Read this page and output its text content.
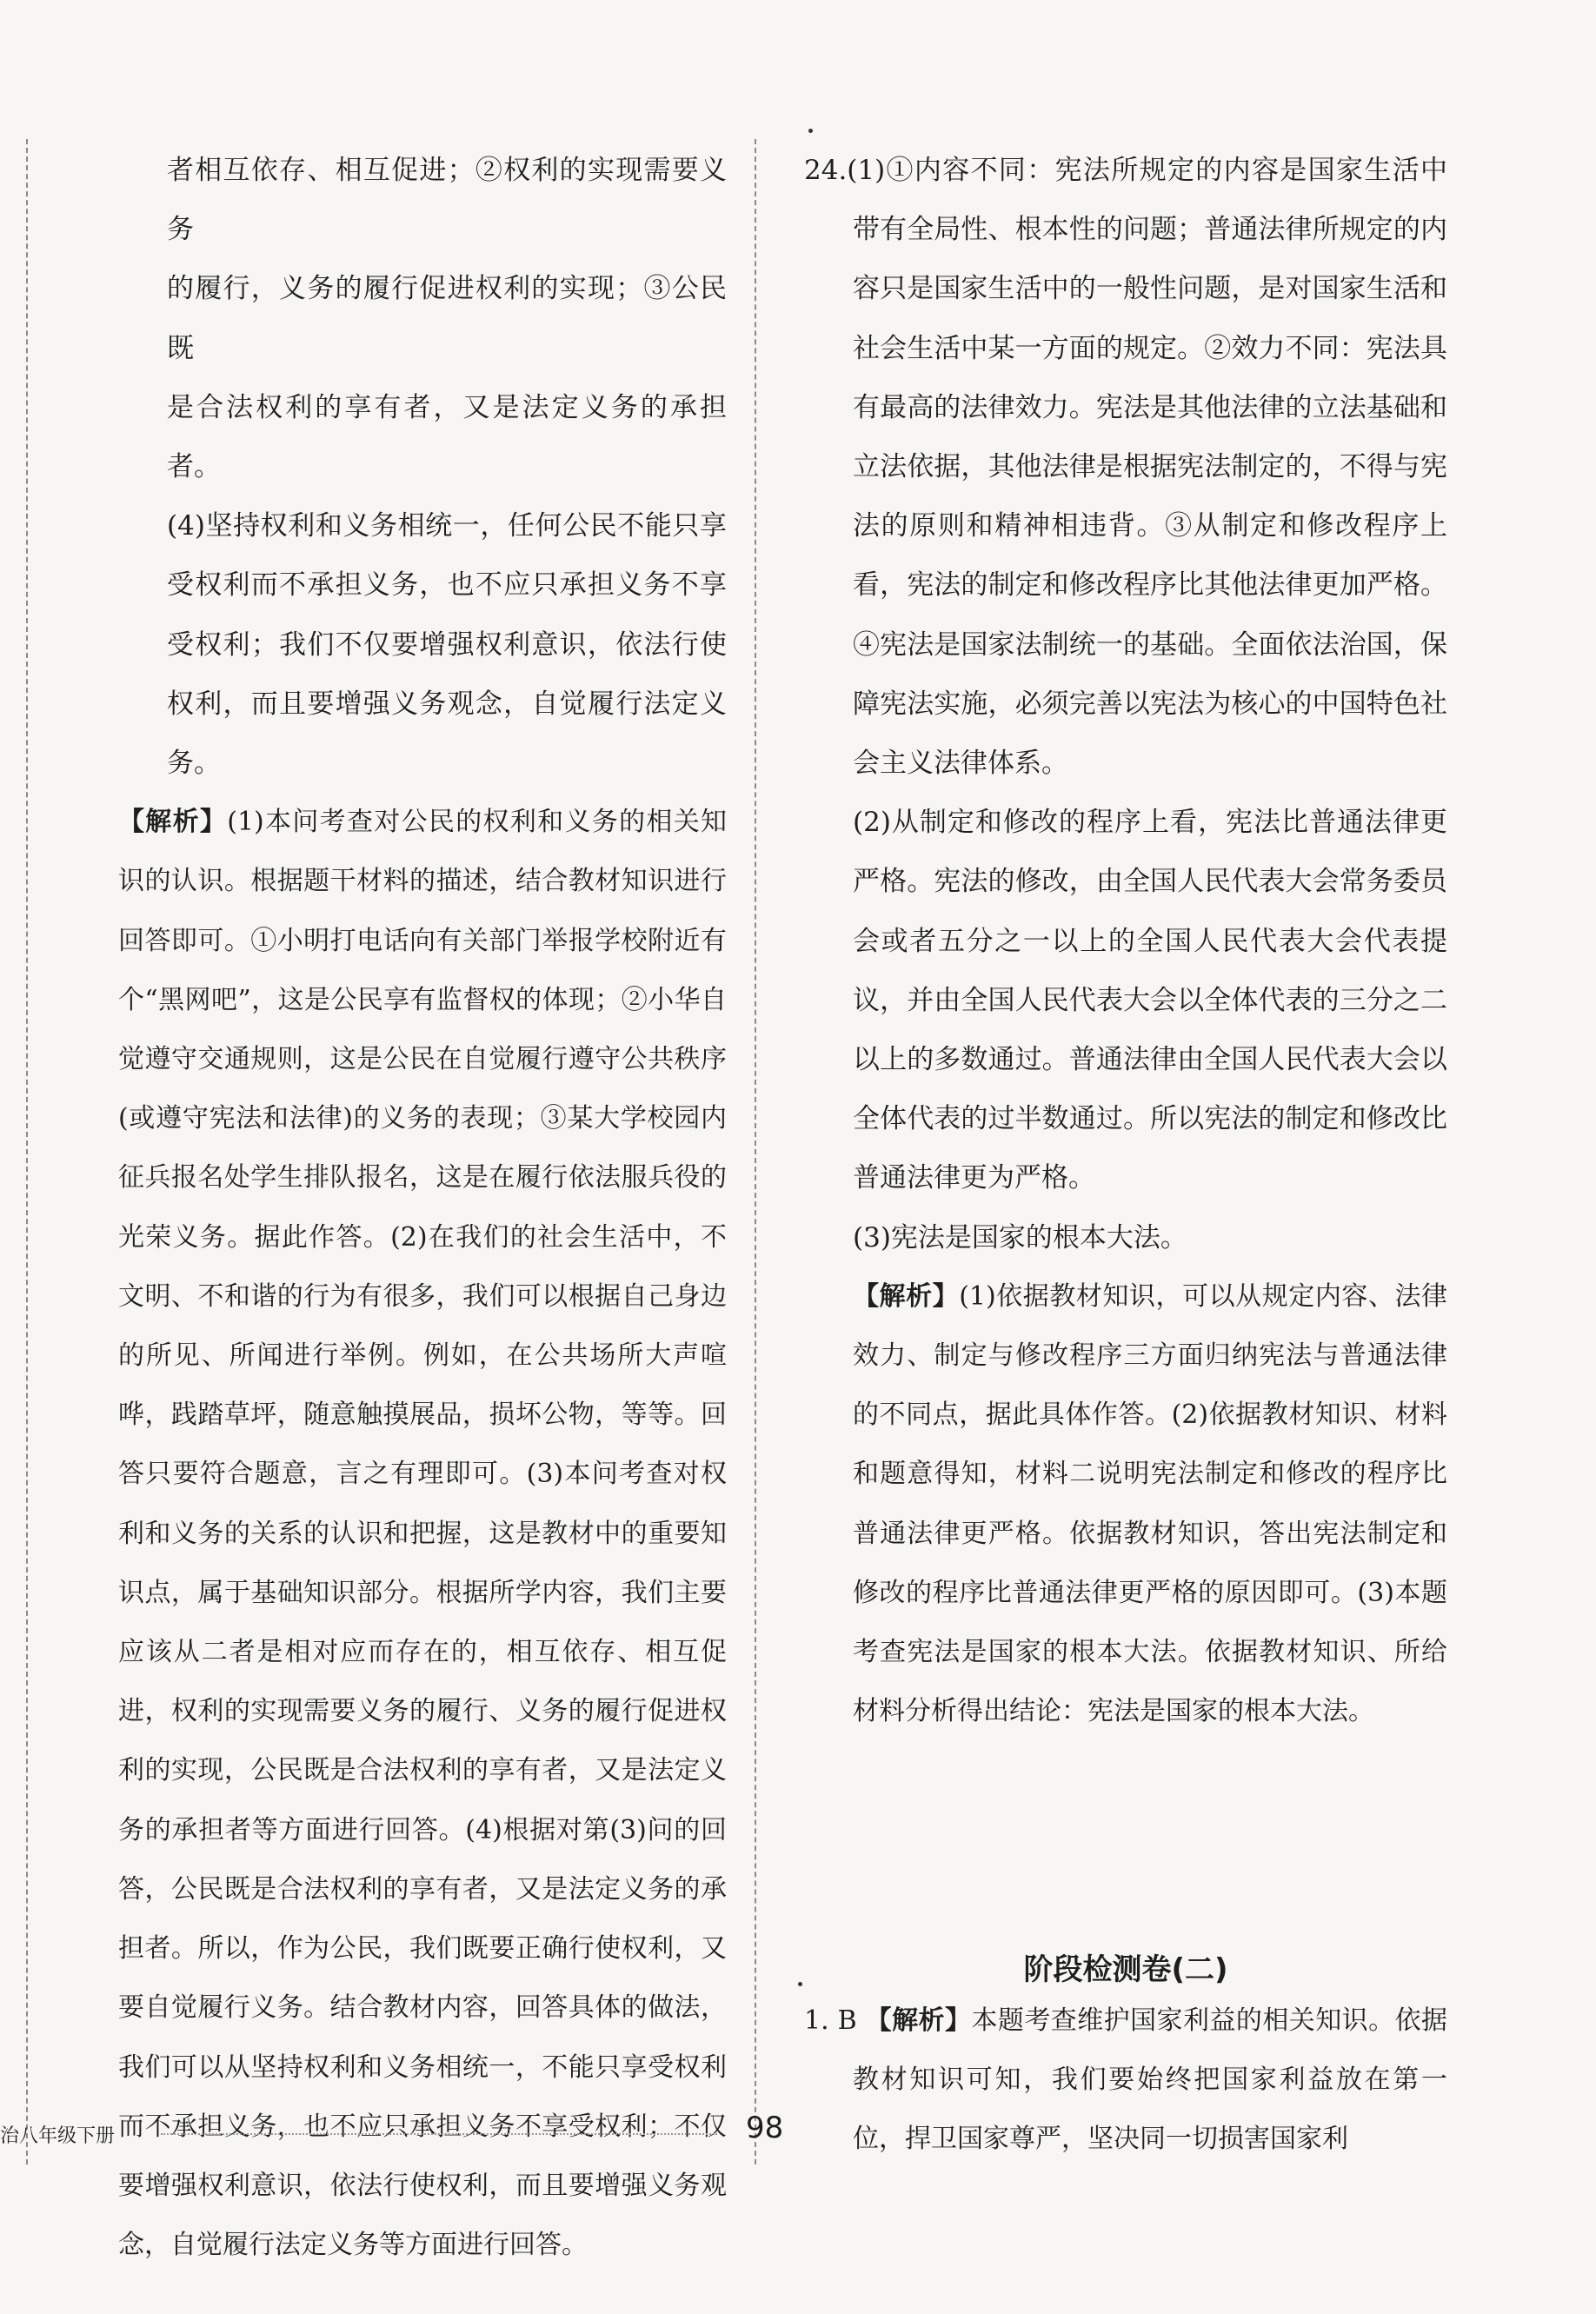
者相互依存、相互促进；②权利的实现需要义务

的履行，义务的履行促进权利的实现；③公民既

是合法权利的享有者，又是法定义务的承担者。

(4)坚持权利和义务相统一，任何公民不能只享受权利而不承担义务，也不应只承担义务不享受权利；我们不仅要增强权利意识，依法行使权利，而且要增强义务观念，自觉履行法定义务。

【解析】(1)本问考查对公民的权利和义务的相关知识的认识。根据题干材料的描述，结合教材知识进行回答即可。①小明打电话向有关部门举报学校附近有个“黑网吧”，这是公民享有监督权的体现；②小华自觉遵守交通规则，这是公民在自觉履行遵守公共秩序(或遵守宪法和法律)的义务的表现；③某大学校园内征兵报名处学生排队报名，这是在履行依法服兵役的光荣义务。据此作答。(2)在我们的社会生活中，不文明、不和谐的行为有很多，我们可以根据自己身边的所见、所闻进行举例。例如，在公共场所大声喧哗，践踏草坪，随意触摸展品，损坏公物，等等。回答只要符合题意，言之有理即可。(3)本问考查对权利和义务的关系的认识和把握，这是教材中的重要知识点，属于基础知识部分。根据所学内容，我们主要应该从二者是相对应而存在的，相互依存、相互促进，权利的实现需要义务的履行、义务的履行促进权利的实现，公民既是合法权利的享有者，又是法定义务的承担者等方面进行回答。(4)根据对第(3)问的回答，公民既是合法权利的享有者，又是法定义务的承担者。所以，作为公民，我们既要正确行使权利，又要自觉履行义务。结合教材内容，回答具体的做法，我们可以从坚持权利和义务相统一，不能只享受权利而不承担义务，也不应只承担义务不享受权利；不仅要增强权利意识，依法行使权利，而且要增强义务观念，自觉履行法定义务等方面进行回答。

24.(1)①内容不同：宪法所规定的内容是国家生活中带有全局性、根本性的问题；普通法律所规定的内容只是国家生活中的一般性问题，是对国家生活和社会生活中某一方面的规定。②效力不同：宪法具有最高的法律效力。宪法是其他法律的立法基础和立法依据，其他法律是根据宪法制定的，不得与宪法的原则和精神相违背。③从制定和修改程序上看，宪法的制定和修改程序比其他法律更加严格。④宪法是国家法制统一的基础。全面依法治国，保障宪法实施，必须完善以宪法为核心的中国特色社会主义法律体系。

(2)从制定和修改的程序上看，宪法比普通法律更严格。宪法的修改，由全国人民代表大会常务委员会或者五分之一以上的全国人民代表大会代表提议，并由全国人民代表大会以全体代表的三分之二以上的多数通过。普通法律由全国人民代表大会以全体代表的过半数通过。所以宪法的制定和修改比普通法律更为严格。

(3)宪法是国家的根本大法。

【解析】(1)依据教材知识，可以从规定内容、法律效力、制定与修改程序三方面归纳宪法与普通法律的不同点，据此具体作答。(2)依据教材知识、材料和题意得知，材料二说明宪法制定和修改的程序比普通法律更严格。依据教材知识，答出宪法制定和修改的程序比普通法律更严格的原因即可。(3)本题考查宪法是国家的根本大法。依据教材知识、所给材料分析得出结论：宪法是国家的根本大法。

阶段检测卷(二)

1. B 【解析】本题考查维护国家利益的相关知识。依据教材知识可知，我们要始终把国家利益放在第一位，捍卫国家尊严，坚决同一切损害国家利

治八年级下册	98
